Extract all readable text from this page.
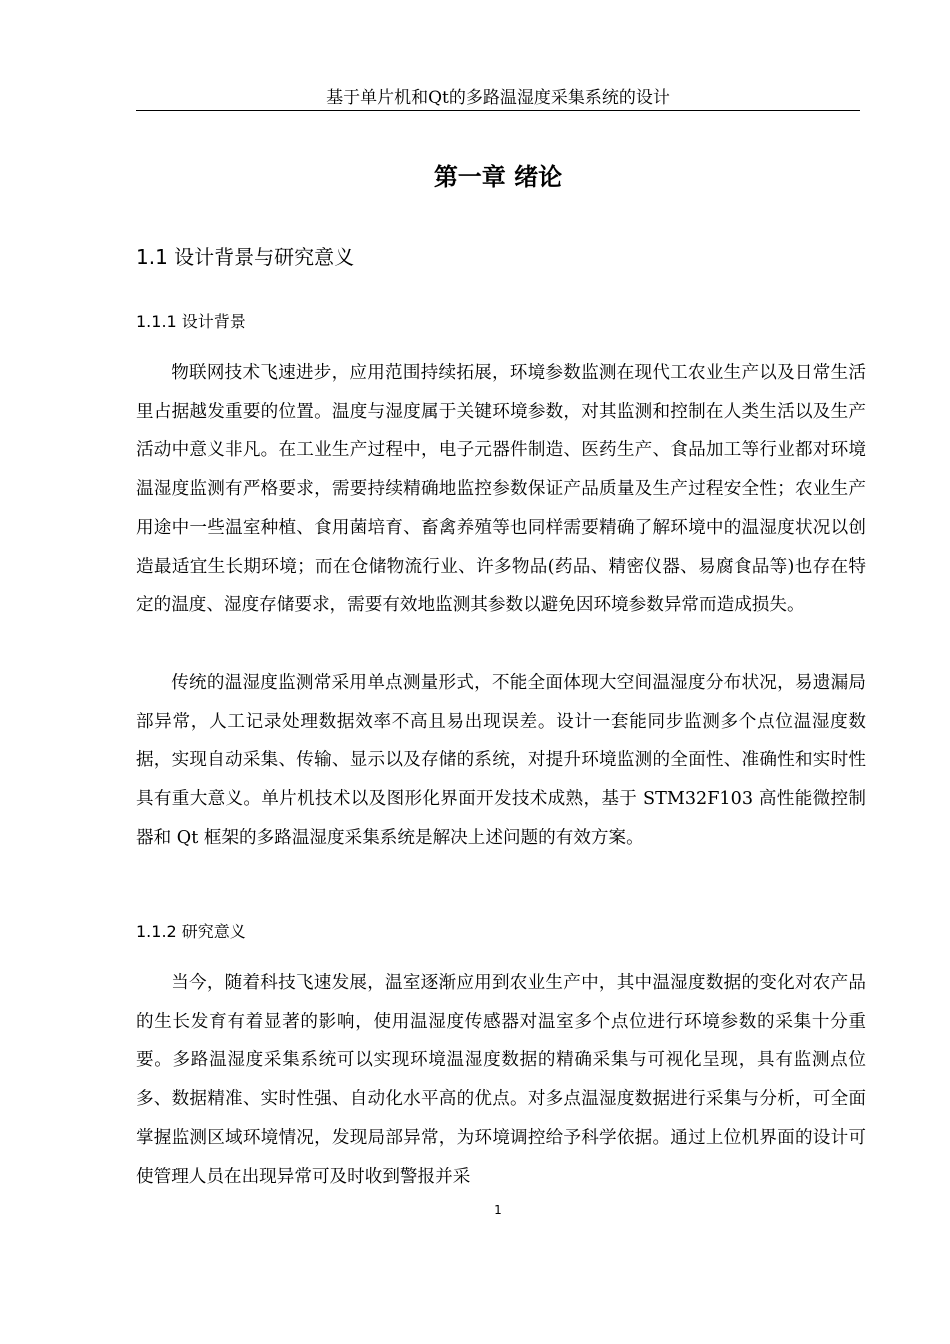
基于单片机和Qt的多路温湿度采集系统的设计
第一章 绪论
1.1 设计背景与研究意义
1.1.1 设计背景

物联网技术飞速进步，应用范围持续拓展，环境参数监测在现代工农业生产以及日常生活里占据越发重要的位置。温度与湿度属于关键环境参数，对其监测和控制在人类生活以及生产活动中意义非凡。在工业生产过程中，电子元器件制造、医药生产、食品加工等行业都对环境温湿度监测有严格要求，需要持续精确地监控参数保证产品质量及生产过程安全性；农业生产用途中一些温室种植、食用菌培育、畜禽养殖等也同样需要精确了解环境中的温湿度状况以创造最适宜生长期环境；而在仓储物流行业、许多物品(药品、精密仪器、易腐食品等)也存在特定的温度、湿度存储要求，需要有效地监测其参数以避免因环境参数异常而造成损失。

传统的温湿度监测常采用单点测量形式，不能全面体现大空间温湿度分布状况，易遗漏局部异常，人工记录处理数据效率不高且易出现误差。设计一套能同步监测多个点位温湿度数据，实现自动采集、传输、显示以及存储的系统，对提升环境监测的全面性、准确性和实时性具有重大意义。单片机技术以及图形化界面开发技术成熟，基于 STM32F103 高性能微控制器和 Qt 框架的多路温湿度采集系统是解决上述问题的有效方案。

1.1.2 研究意义

当今，随着科技飞速发展，温室逐渐应用到农业生产中，其中温湿度数据的变化对农产品的生长发育有着显著的影响，使用温湿度传感器对温室多个点位进行环境参数的采集十分重要。多路温湿度采集系统可以实现环境温湿度数据的精确采集与可视化呈现，具有监测点位多、数据精准、实时性强、自动化水平高的优点。对多点温湿度数据进行采集与分析，可全面掌握监测区域环境情况，发现局部异常，为环境调控给予科学依据。通过上位机界面的设计可使管理人员在出现异常可及时收到警报并采

1
